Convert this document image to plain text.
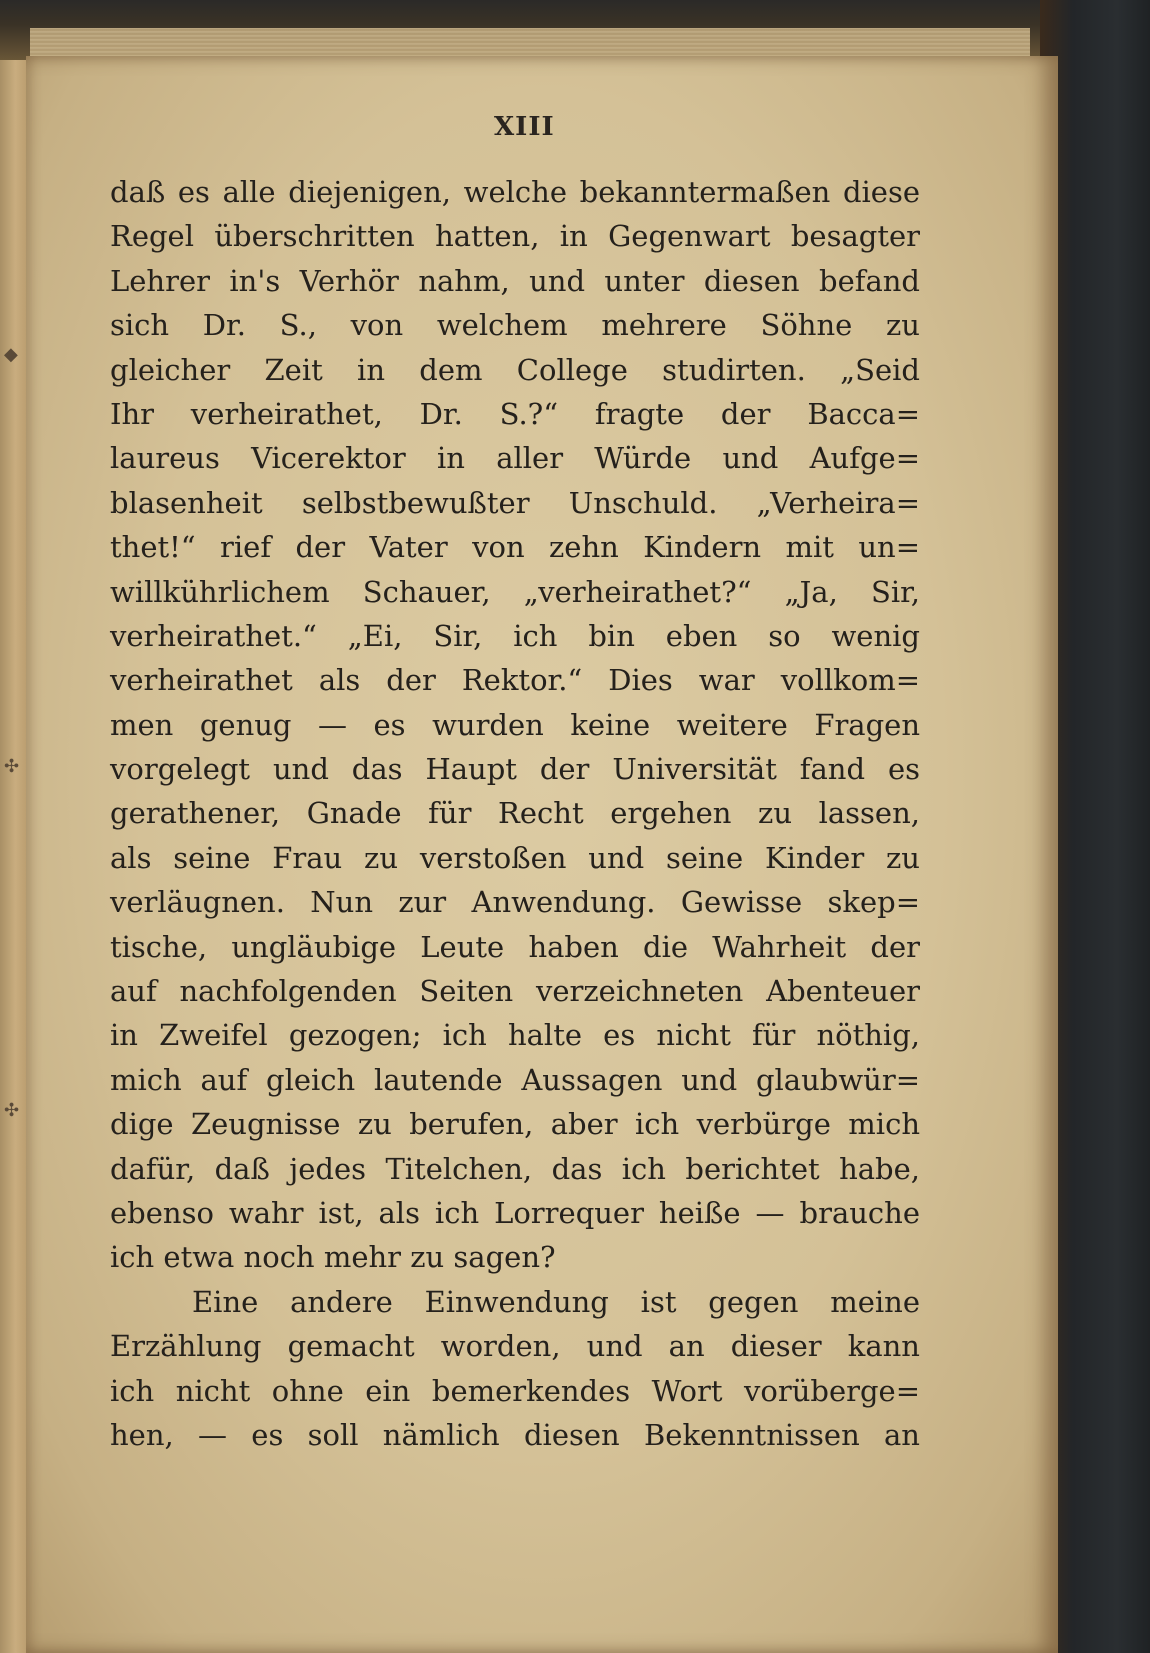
◆
✣
✣
XIII
daß es alle diejenigen, welche bekanntermaßen diese
Regel überschritten hatten, in Gegenwart besagter
Lehrer in's Verhör nahm, und unter diesen befand
sich Dr. S., von welchem mehrere Söhne zu
gleicher Zeit in dem College studirten. „Seid
Ihr verheirathet, Dr. S.?“ fragte der Bacca=
laureus Vicerektor in aller Würde und Aufge=
blasenheit selbstbewußter Unschuld. „Verheira=
thet!“ rief der Vater von zehn Kindern mit un=
willkührlichem Schauer, „verheirathet?“ „Ja, Sir,
verheirathet.“ „Ei, Sir, ich bin eben so wenig
verheirathet als der Rektor.“ Dies war vollkom=
men genug — es wurden keine weitere Fragen
vorgelegt und das Haupt der Universität fand es
gerathener, Gnade für Recht ergehen zu lassen,
als seine Frau zu verstoßen und seine Kinder zu
verläugnen. Nun zur Anwendung. Gewisse skep=
tische, ungläubige Leute haben die Wahrheit der
auf nachfolgenden Seiten verzeichneten Abenteuer
in Zweifel gezogen; ich halte es nicht für nöthig,
mich auf gleich lautende Aussagen und glaubwür=
dige Zeugnisse zu berufen, aber ich verbürge mich
dafür, daß jedes Titelchen, das ich berichtet habe,
ebenso wahr ist, als ich Lorrequer heiße — brauche
ich etwa noch mehr zu sagen?
Eine andere Einwendung ist gegen meine
Erzählung gemacht worden, und an dieser kann
ich nicht ohne ein bemerkendes Wort vorüberge=
hen, — es soll nämlich diesen Bekenntnissen an
